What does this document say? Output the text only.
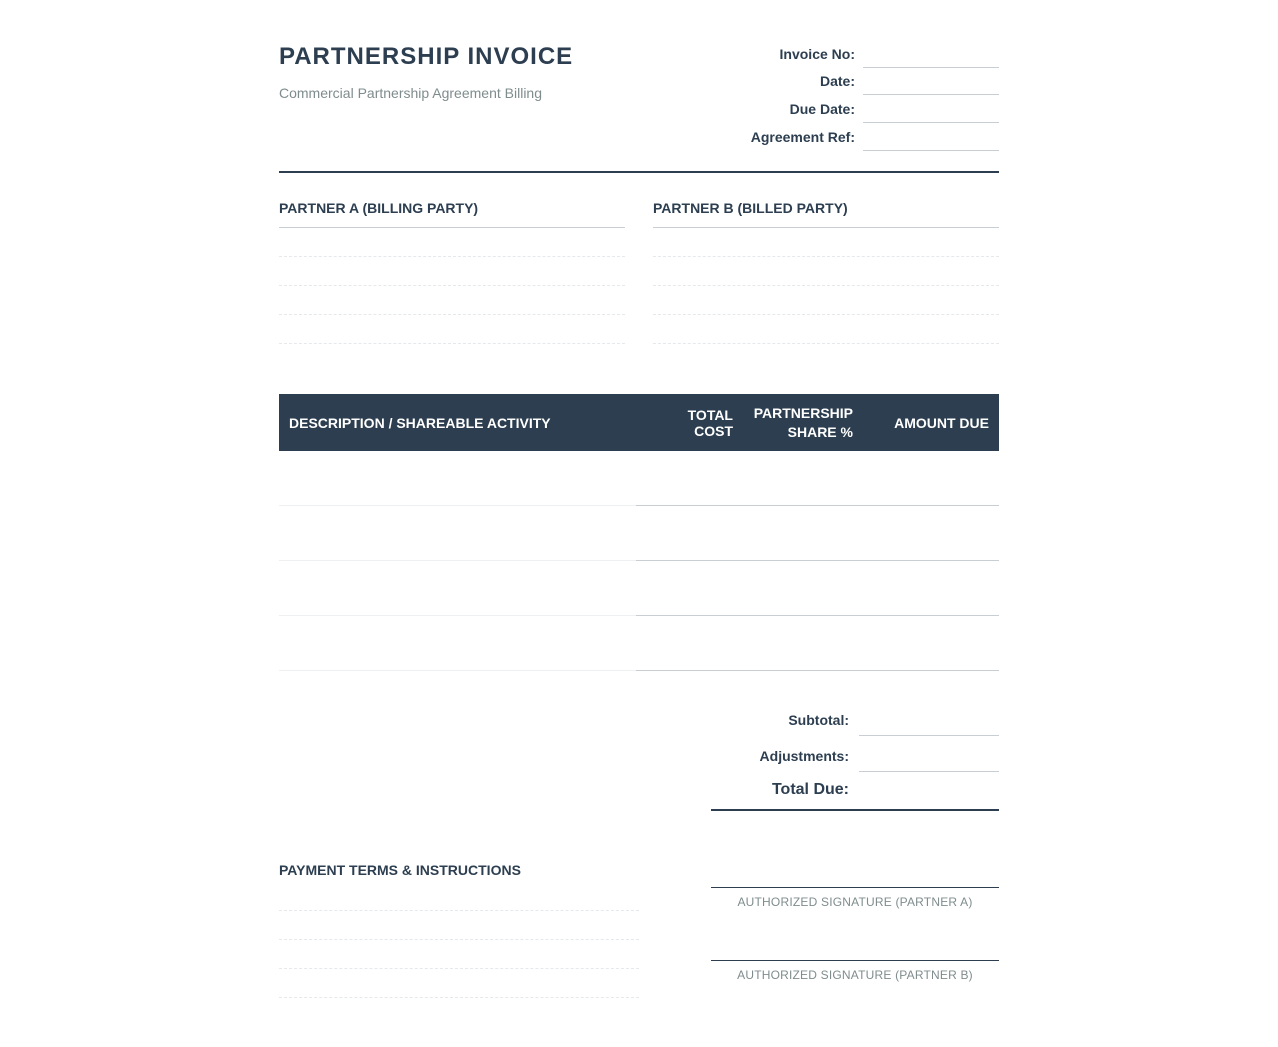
PARTNERSHIP INVOICE
Commercial Partnership Agreement Billing
Invoice No:
Date:
Due Date:
Agreement Ref:
PARTNER A (BILLING PARTY)	PARTNER B (BILLED PARTY)
DESCRIPTION / SHAREABLE ACTIVITY	TOTAL COST
PARTNERSHIP
SHARE %
AMOUNT DUE
Subtotal:
Adjustments:
Total Due:
PAYMENT TERMS & INSTRUCTIONS
AUTHORIZED SIGNATURE (PARTNER A)
AUTHORIZED SIGNATURE (PARTNER B)
